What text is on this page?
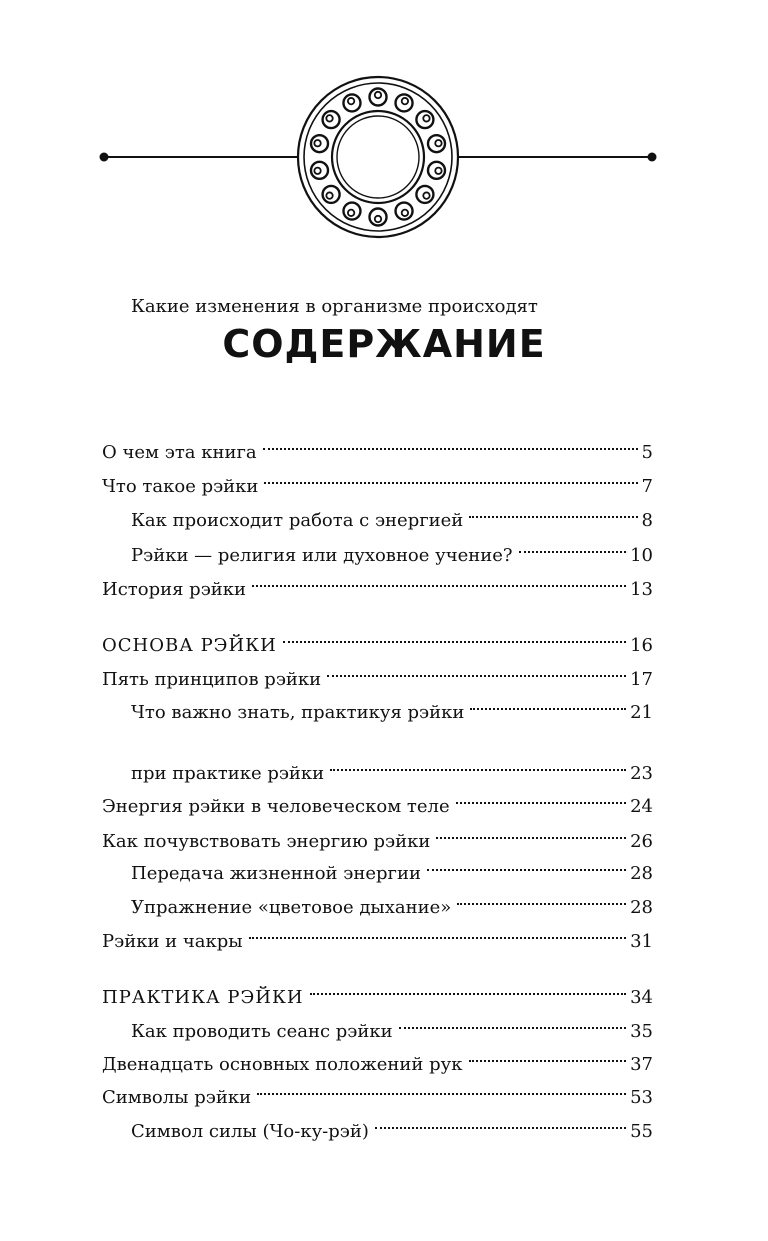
СОДЕРЖАНИЕ
О чем эта книга	5
Что такое рэйки	7
Как происходит работа с энергией	8
Рэйки — религия или духовное учение?	10
История рэйки	13
ОСНОВА РЭЙКИ	16
Пять принципов рэйки	17
Что важно знать, практикуя рэйки	21
Какие изменения в организме происходят
при практике рэйки	23
Энергия рэйки в человеческом теле	24
Как почувствовать энергию рэйки	26
Передача жизненной энергии	28
Упражнение «цветовое дыхание»	28
Рэйки и чакры	31
ПРАКТИКА РЭЙКИ	34
Как проводить сеанс рэйки	35
Двенадцать основных положений рук	37
Символы рэйки	53
Символ силы (Чо-ку-рэй)	55
